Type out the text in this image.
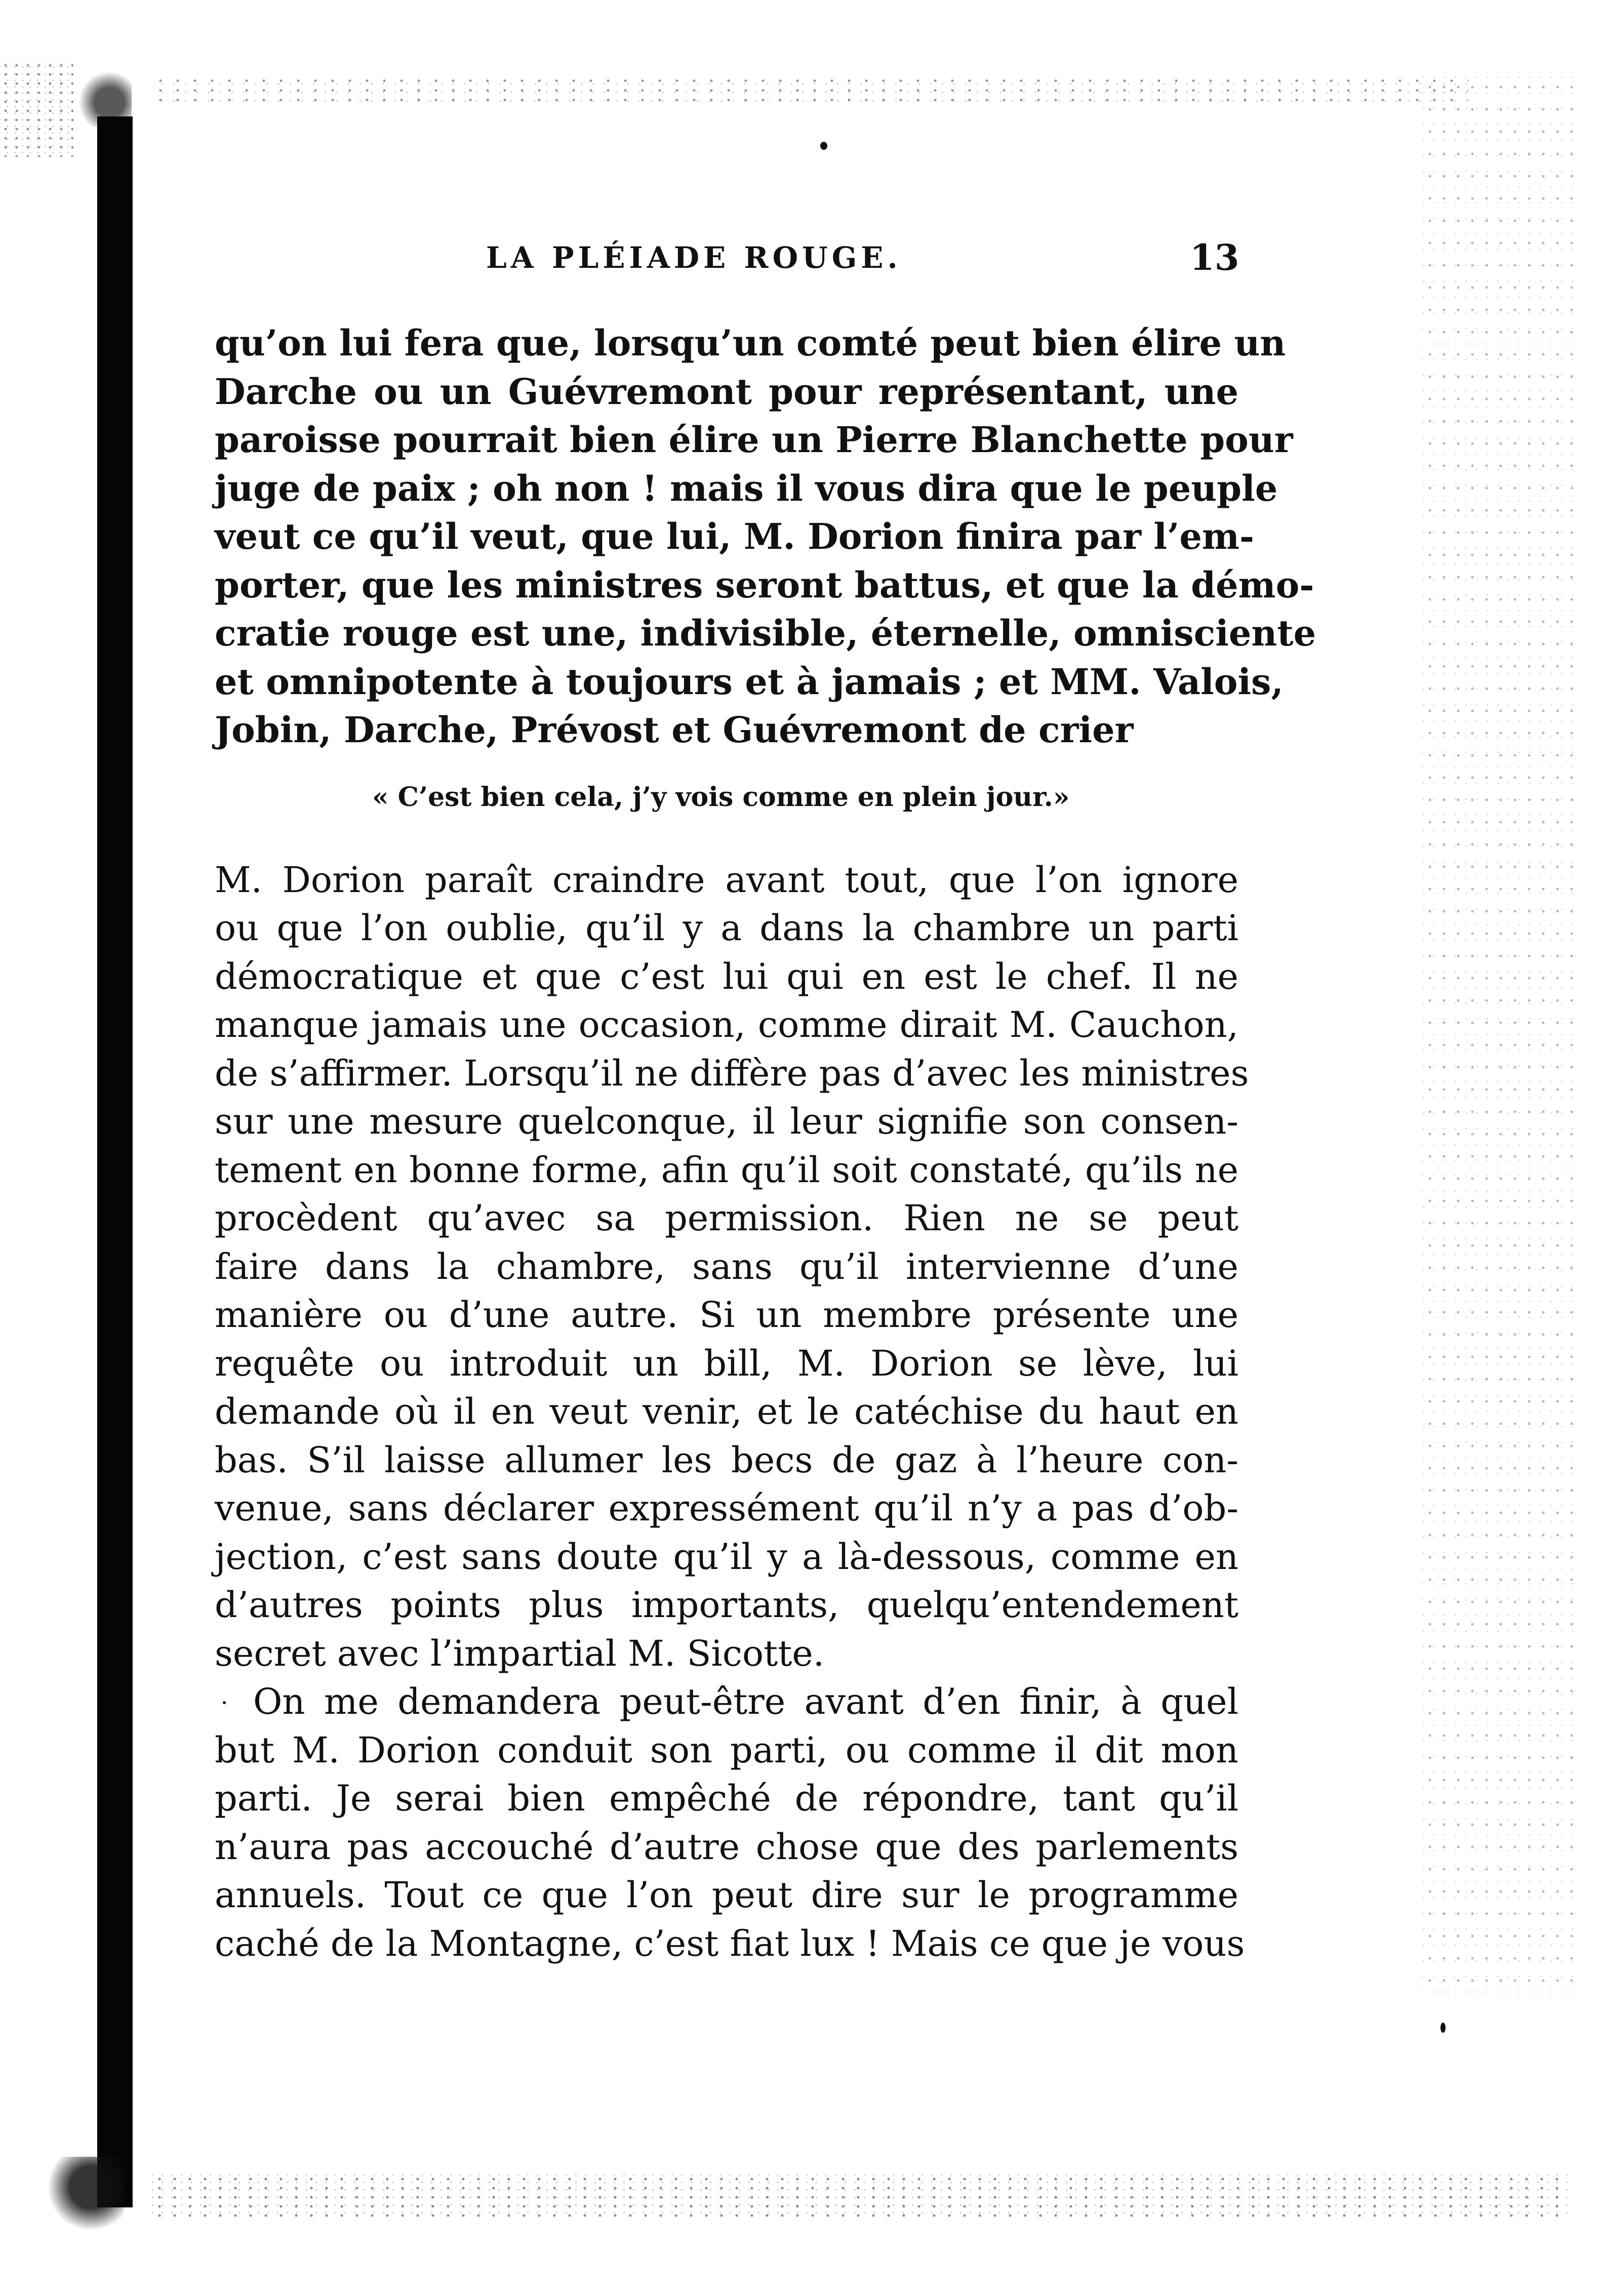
LA PLÉIADE ROUGE.	13
qu’on lui fera que, lorsqu’un comté peut bien élire un
Darche ou un Guévremont pour représentant, une
paroisse pourrait bien élire un Pierre Blanchette pour
juge de paix ; oh non ! mais il vous dira que le peuple
veut ce qu’il veut, que lui, M. Dorion finira par l’em-
porter, que les ministres seront battus, et que la démo-
cratie rouge est une, indivisible, éternelle, omnisciente
et omnipotente à toujours et à jamais ; et MM. Valois,
Jobin, Darche, Prévost et Guévremont de crier
« C’est bien cela, j’y vois comme en plein jour.»
M. Dorion paraît craindre avant tout, que l’on ignore
ou que l’on oublie, qu’il y a dans la chambre un parti
démocratique et que c’est lui qui en est le chef. Il ne
manque jamais une occasion, comme dirait M. Cauchon,
de s’affirmer. Lorsqu’il ne diffère pas d’avec les ministres
sur une mesure quelconque, il leur signifie son consen-
tement en bonne forme, afin qu’il soit constaté, qu’ils ne
procèdent qu’avec sa permission. Rien ne se peut
faire dans la chambre, sans qu’il intervienne d’une
manière ou d’une autre. Si un membre présente une
requête ou introduit un bill, M. Dorion se lève, lui
demande où il en veut venir, et le catéchise du haut en
bas. S’il laisse allumer les becs de gaz à l’heure con-
venue, sans déclarer expressément qu’il n’y a pas d’ob-
jection, c’est sans doute qu’il y a là-dessous, comme en
d’autres points plus importants, quelqu’entendement
secret avec l’impartial M. Sicotte.
On me demandera peut-être avant d’en finir, à quel
but M. Dorion conduit son parti, ou comme il dit mon
parti. Je serai bien empêché de répondre, tant qu’il
n’aura pas accouché d’autre chose que des parlements
annuels. Tout ce que l’on peut dire sur le programme
caché de la Montagne, c’est fiat lux ! Mais ce que je vous
